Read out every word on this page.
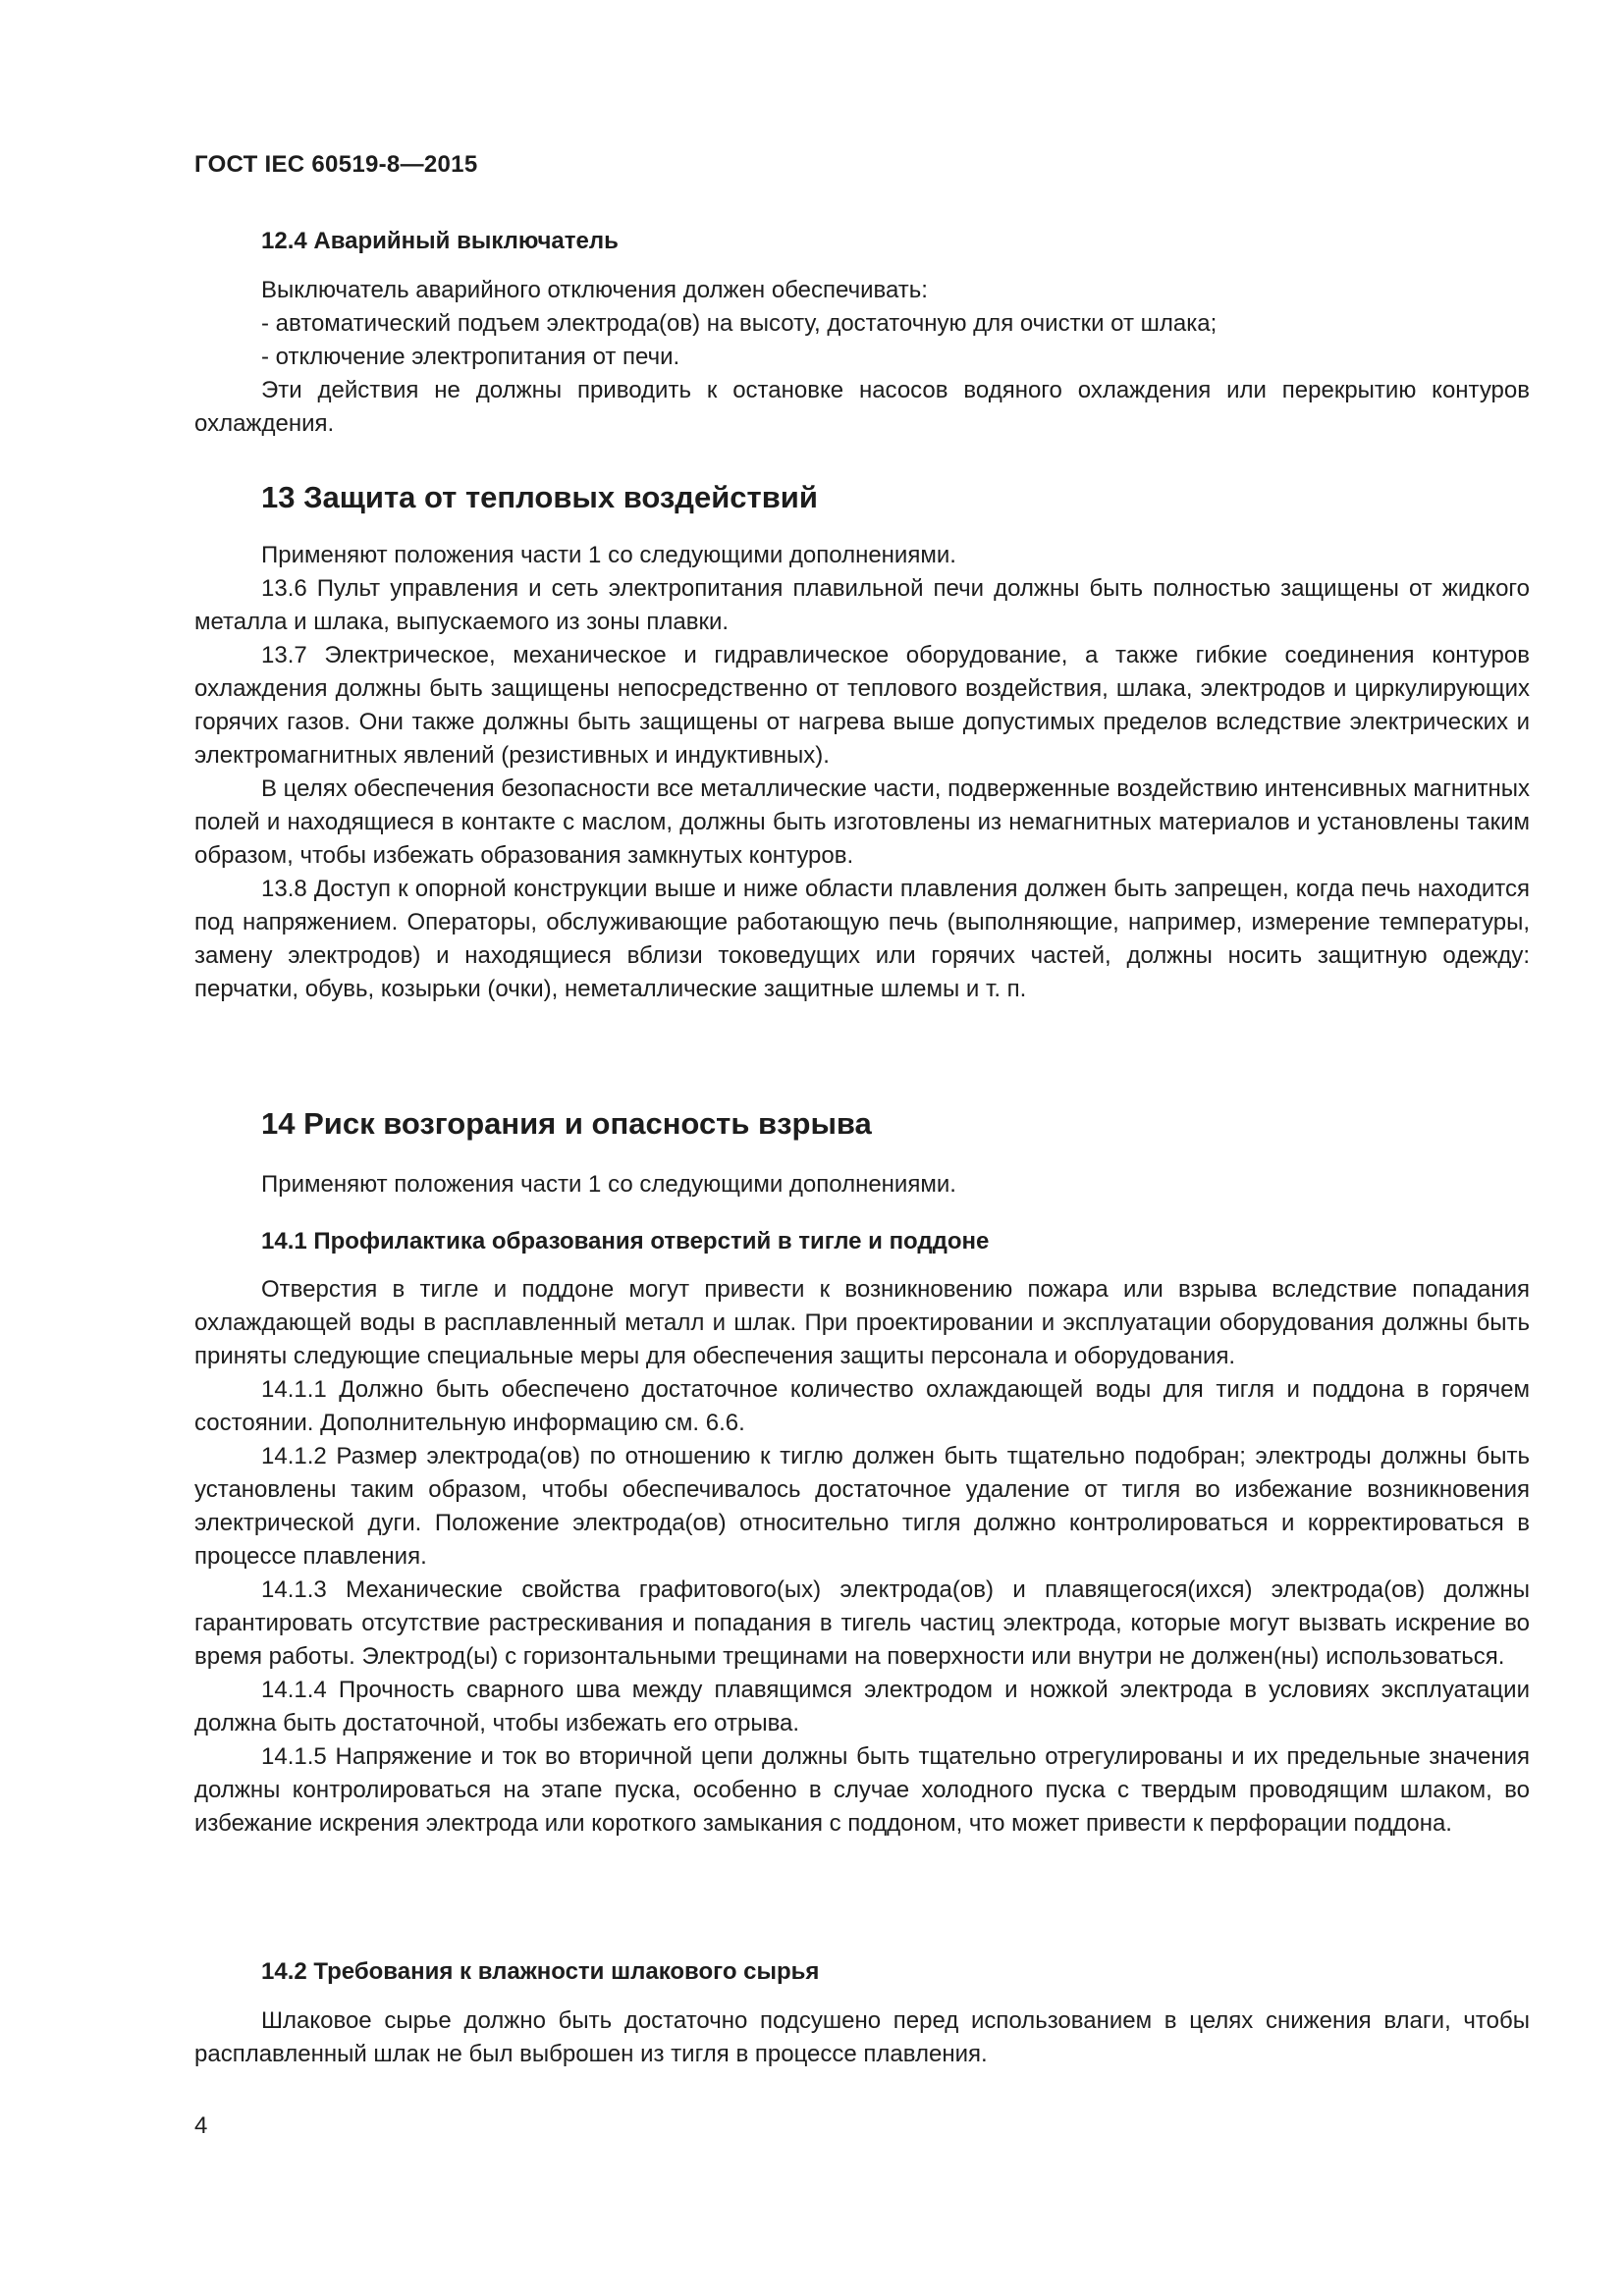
ГОСТ IEC 60519-8—2015
12.4 Аварийный выключатель

Выключатель аварийного отключения должен обеспечивать:

- автоматический подъем электрода(ов) на высоту, достаточную для очистки от шлака;

- отключение электропитания от печи.

Эти действия не должны приводить к остановке насосов водяного охлаждения или перекрытию контуров охлаждения.

13 Защита от тепловых воздействий

Применяют положения части 1 со следующими дополнениями.

13.6 Пульт управления и сеть электропитания плавильной печи должны быть полностью защищены от жидкого металла и шлака, выпускаемого из зоны плавки.

13.7 Электрическое, механическое и гидравлическое оборудование, а также гибкие соединения контуров охлаждения должны быть защищены непосредственно от теплового воздействия, шлака, электродов и циркулирующих горячих газов. Они также должны быть защищены от нагрева выше допустимых пределов вследствие электрических и электромагнитных явлений (резистивных и индуктивных).

В целях обеспечения безопасности все металлические части, подверженные воздействию интенсивных магнитных полей и находящиеся в контакте с маслом, должны быть изготовлены из немагнитных материалов и установлены таким образом, чтобы избежать образования замкнутых контуров.

13.8 Доступ к опорной конструкции выше и ниже области плавления должен быть запрещен, когда печь находится под напряжением. Операторы, обслуживающие работающую печь (выполняющие, например, измерение температуры, замену электродов) и находящиеся вблизи токоведущих или горячих частей, должны носить защитную одежду: перчатки, обувь, козырьки (очки), неметаллические защитные шлемы и т. п.

14 Риск возгорания и опасность взрыва

Применяют положения части 1 со следующими дополнениями.

14.1 Профилактика образования отверстий в тигле и поддоне

Отверстия в тигле и поддоне могут привести к возникновению пожара или взрыва вследствие попадания охлаждающей воды в расплавленный металл и шлак. При проектировании и эксплуатации оборудования должны быть приняты следующие специальные меры для обеспечения защиты персонала и оборудования.

14.1.1 Должно быть обеспечено достаточное количество охлаждающей воды для тигля и поддона в горячем состоянии. Дополнительную информацию см. 6.6.

14.1.2 Размер электрода(ов) по отношению к тиглю должен быть тщательно подобран; электроды должны быть установлены таким образом, чтобы обеспечивалось достаточное удаление от тигля во избежание возникновения электрической дуги. Положение электрода(ов) относительно тигля должно контролироваться и корректироваться в процессе плавления.

14.1.3 Механические свойства графитового(ых) электрода(ов) и плавящегося(ихся) электрода(ов) должны гарантировать отсутствие растрескивания и попадания в тигель частиц электрода, которые могут вызвать искрение во время работы. Электрод(ы) с горизонтальными трещинами на поверхности или внутри не должен(ны) использоваться.

14.1.4 Прочность сварного шва между плавящимся электродом и ножкой электрода в условиях эксплуатации должна быть достаточной, чтобы избежать его отрыва.

14.1.5 Напряжение и ток во вторичной цепи должны быть тщательно отрегулированы и их предельные значения должны контролироваться на этапе пуска, особенно в случае холодного пуска с твердым проводящим шлаком, во избежание искрения электрода или короткого замыкания с поддоном, что может привести к перфорации поддона.

14.2 Требования к влажности шлакового сырья

Шлаковое сырье должно быть достаточно подсушено перед использованием в целях снижения влаги, чтобы расплавленный шлак не был выброшен из тигля в процессе плавления.

4
